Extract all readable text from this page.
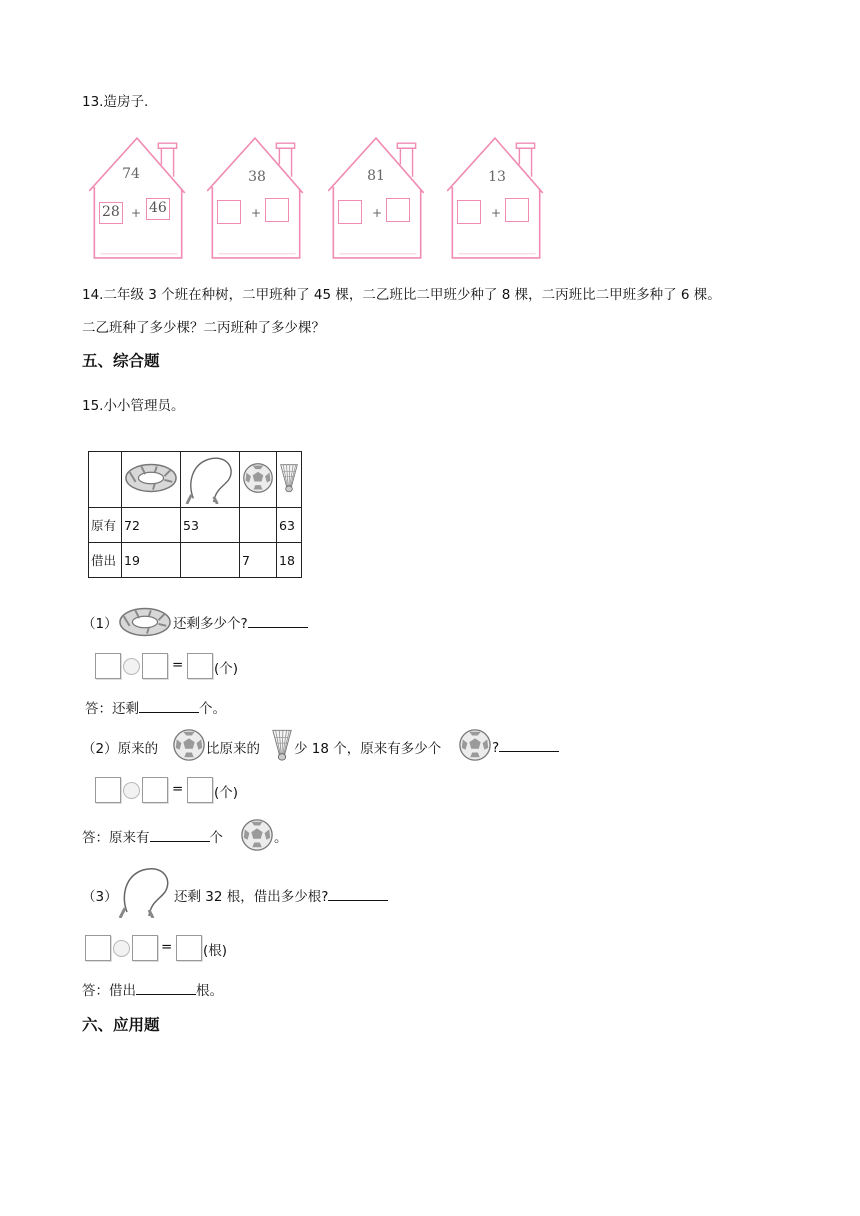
13.造房子.
74
28 + 46
38
+
81
+
13
+
14.二年级 3 个班在种树，二甲班种了 45 棵，二乙班比二甲班少种了 8 棵，二丙班比二甲班多种了 6 棵。
二乙班种了多少棵？二丙班种了多少棵？
五、综合题
15.小小管理员。

原有	72	53		63
借出	19		7	18
（1）	还剩多少个?
= (个)
答：还剩	个。
（2）原来的	比原来的	少 18 个，原来有多少个	?
= (个)
答：原来有	个	。
（3）	还剩 32 根，借出多少根?
= (根)
答：借出	根。
六、应用题
